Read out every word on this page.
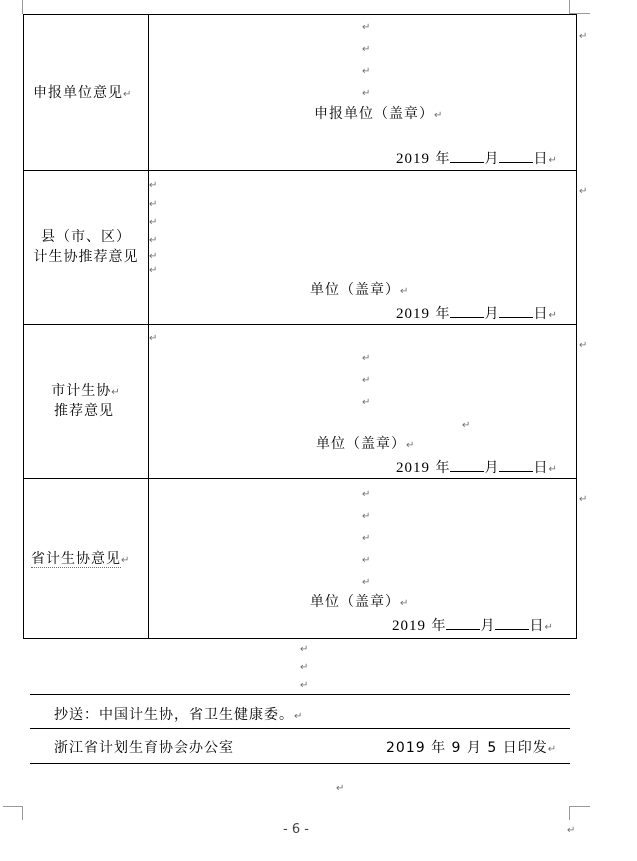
↵
↵
↵
↵
申报单位意见↵
↵
↵
↵
↵
申报单位（盖章）↵
2019 年 月 日↵
县（市、区）
计生协推荐意见
↵
↵
↵
↵
↵
↵
单位（盖章）↵
2019 年 月 日↵
市计生协↵
推荐意见
↵
↵
↵
↵
↵
单位（盖章）↵
2019 年 月 日↵
省计生协意见↵
↵
↵
↵
↵
↵
单位（盖章）↵
2019 年 月 日↵
↵
↵
↵
抄送：中国计生协，省卫生健康委。↵
浙江省计划生育协会办公室	2019 年 9 月 5 日印发↵
↵
- 6 -	↵
